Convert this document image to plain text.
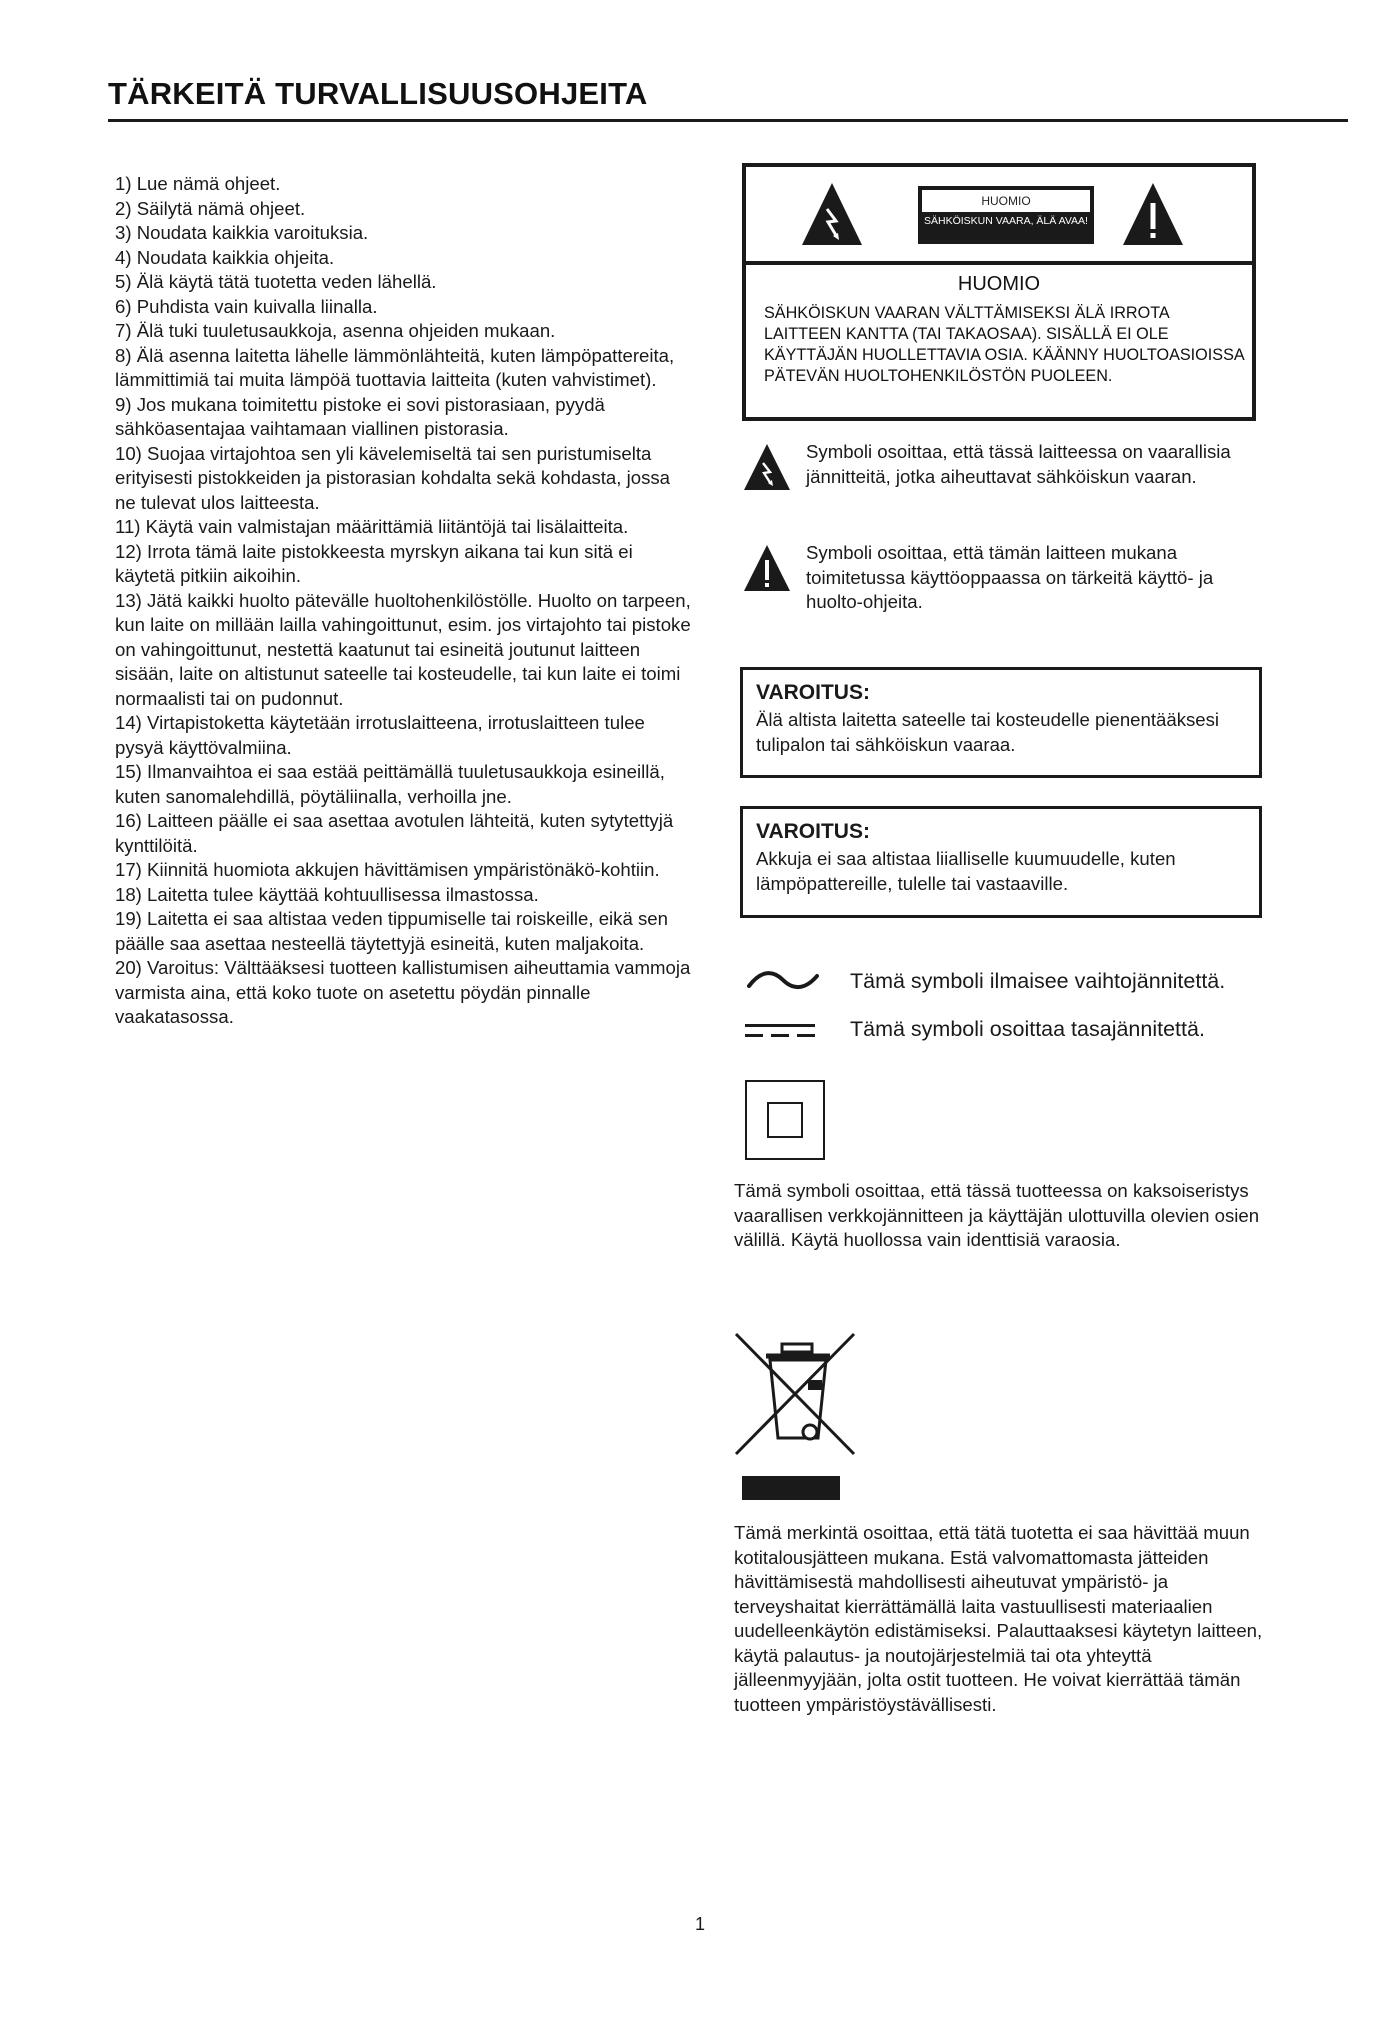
TÄRKEITÄ TURVALLISUUSOHJEITA

1) Lue nämä ohjeet.

2) Säilytä nämä ohjeet.

3) Noudata kaikkia varoituksia.

4) Noudata kaikkia ohjeita.

5) Älä käytä tätä tuotetta veden lähellä.

6) Puhdista vain kuivalla liinalla.

7) Älä tuki tuuletusaukkoja, asenna ohjeiden mukaan.

8) Älä asenna laitetta lähelle lämmönlähteitä, kuten lämpöpattereita, lämmittimiä tai muita lämpöä tuottavia laitteita (kuten vahvistimet).

9) Jos mukana toimitettu pistoke ei sovi pistorasiaan, pyydä sähköasentajaa vaihtamaan viallinen pistorasia.

10) Suojaa virtajohtoa sen yli kävelemiseltä tai sen puristumiselta erityisesti pistokkeiden ja pistorasian kohdalta sekä kohdasta, jossa ne tulevat ulos laitteesta.

11) Käytä vain valmistajan määrittämiä liitäntöjä tai lisälaitteita.

12) Irrota tämä laite pistokkeesta myrskyn aikana tai kun sitä ei käytetä pitkiin aikoihin.

13) Jätä kaikki huolto pätevälle huoltohenkilöstölle. Huolto on tarpeen, kun laite on millään lailla vahingoittunut, esim. jos virtajohto tai pistoke on vahingoittunut, nestettä kaatunut tai esineitä joutunut laitteen sisään, laite on altistunut sateelle tai kosteudelle, tai kun laite ei toimi normaalisti tai on pudonnut.

14) Virtapistoketta käytetään irrotuslaitteena, irrotuslaitteen tulee pysyä käyttövalmiina.

15) Ilmanvaihtoa ei saa estää peittämällä tuuletusaukkoja esineillä, kuten sanomalehdillä, pöytäliinalla, verhoilla jne.

16) Laitteen päälle ei saa asettaa avotulen lähteitä, kuten sytytettyjä kynttilöitä.

17) Kiinnitä huomiota akkujen hävittämisen ympäristönäkö-kohtiin.

18) Laitetta tulee käyttää kohtuullisessa ilmastossa.

19) Laitetta ei saa altistaa veden tippumiselle tai roiskeille, eikä sen päälle saa asettaa nesteellä täytettyjä esineitä, kuten maljakoita.

20) Varoitus: Välttääksesi tuotteen kallistumisen aiheuttamia vammoja varmista aina, että koko tuote on asetettu pöydän pinnalle vaakatasossa.

HUOMIO
SÄHKÖISKUN VAARA, ÄLÄ AVAA!
HUOMIO
SÄHKÖISKUN VAARAN VÄLTTÄMISEKSI ÄLÄ IRROTA LAITTEEN KANTTA (TAI TAKAOSAA). SISÄLLÄ EI OLE KÄYTTÄJÄN HUOLLETTAVIA OSIA. KÄÄNNY HUOLTOASIOISSA PÄTEVÄN HUOLTOHENKILÖSTÖN PUOLEEN.
Symboli osoittaa, että tässä laitteessa on vaarallisia jännitteitä, jotka aiheuttavat sähköiskun vaaran.
Symboli osoittaa, että tämän laitteen mukana toimitetussa käyttöoppaassa on tärkeitä käyttö- ja huolto-ohjeita.
VAROITUS:
Älä altista laitetta sateelle tai kosteudelle pienentääksesi tulipalon tai sähköiskun vaaraa.
VAROITUS:
Akkuja ei saa altistaa liialliselle kuumuudelle, kuten lämpöpattereille, tulelle tai vastaaville.
Tämä symboli ilmaisee vaihtojännitettä.
Tämä symboli osoittaa tasajännitettä.
Tämä symboli osoittaa, että tässä tuotteessa on kaksoiseristys vaarallisen verkkojännitteen ja käyttäjän ulottuvilla olevien osien välillä. Käytä huollossa vain identtisiä varaosia.
Tämä merkintä osoittaa, että tätä tuotetta ei saa hävittää muun kotitalousjätteen mukana. Estä valvomattomasta jätteiden hävittämisestä mahdollisesti aiheutuvat ympäristö- ja terveyshaitat kierrättämällä laita vastuullisesti materiaalien uudelleenkäytön edistämiseksi. Palauttaaksesi käytetyn laitteen, käytä palautus- ja noutojärjestelmiä tai ota yhteyttä jälleenmyyjään, jolta ostit tuotteen. He voivat kierrättää tämän tuotteen ympäristöystävällisesti.
1
